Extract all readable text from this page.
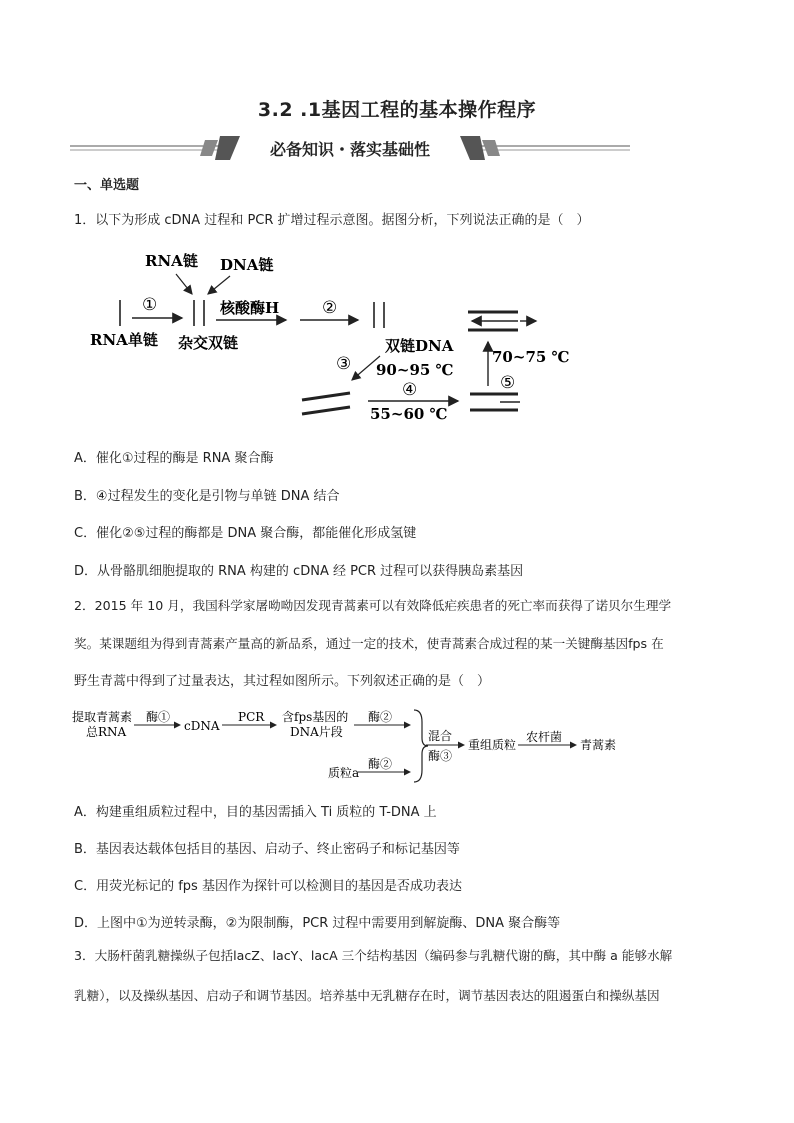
3.2 .1基因工程的基本操作程序
必备知识・落实基础性
一、单选题
1．以下为形成 cDNA 过程和 PCR 扩增过程示意图。据图分析，下列说法正确的是（　）
RNA单链
①
杂交双链
RNA链 DNA链
核酸酶H	②
双链DNA
③ 90~95 ℃
④
55~60 ℃
⑤
70~75 ℃
A．催化①过程的酶是 RNA 聚合酶
B．④过程发生的变化是引物与单链 DNA 结合
C．催化②⑤过程的酶都是 DNA 聚合酶，都能催化形成氢键
D．从骨骼肌细胞提取的 RNA 构建的 cDNA 经 PCR 过程可以获得胰岛素基因
2．2015 年 10 月，我国科学家屠呦呦因发现青蒿素可以有效降低疟疾患者的死亡率而获得了诺贝尔生理学
奖。某课题组为得到青蒿素产量高的新品系，通过一定的技术，使青蒿素合成过程的某一关键酶基因fps 在
野生青蒿中得到了过量表达，其过程如图所示。下列叙述正确的是（　）
提取青蒿素
总RNA
酶①
cDNA
PCR 含fps基因的
DNA片段
酶②
质粒a
酶②
混合
酶③
重组质粒
农杆菌
青蒿素
A．构建重组质粒过程中，目的基因需插入 Ti 质粒的 T-DNA 上
B．基因表达载体包括目的基因、启动子、终止密码子和标记基因等
C．用荧光标记的 fps 基因作为探针可以检测目的基因是否成功表达
D．上图中①为逆转录酶，②为限制酶，PCR 过程中需要用到解旋酶、DNA 聚合酶等
3．大肠杆菌乳糖操纵子包括lacZ、lacY、lacA 三个结构基因（编码参与乳糖代谢的酶，其中酶 a 能够水解
乳糖），以及操纵基因、启动子和调节基因。培养基中无乳糖存在时，调节基因表达的阻遏蛋白和操纵基因
